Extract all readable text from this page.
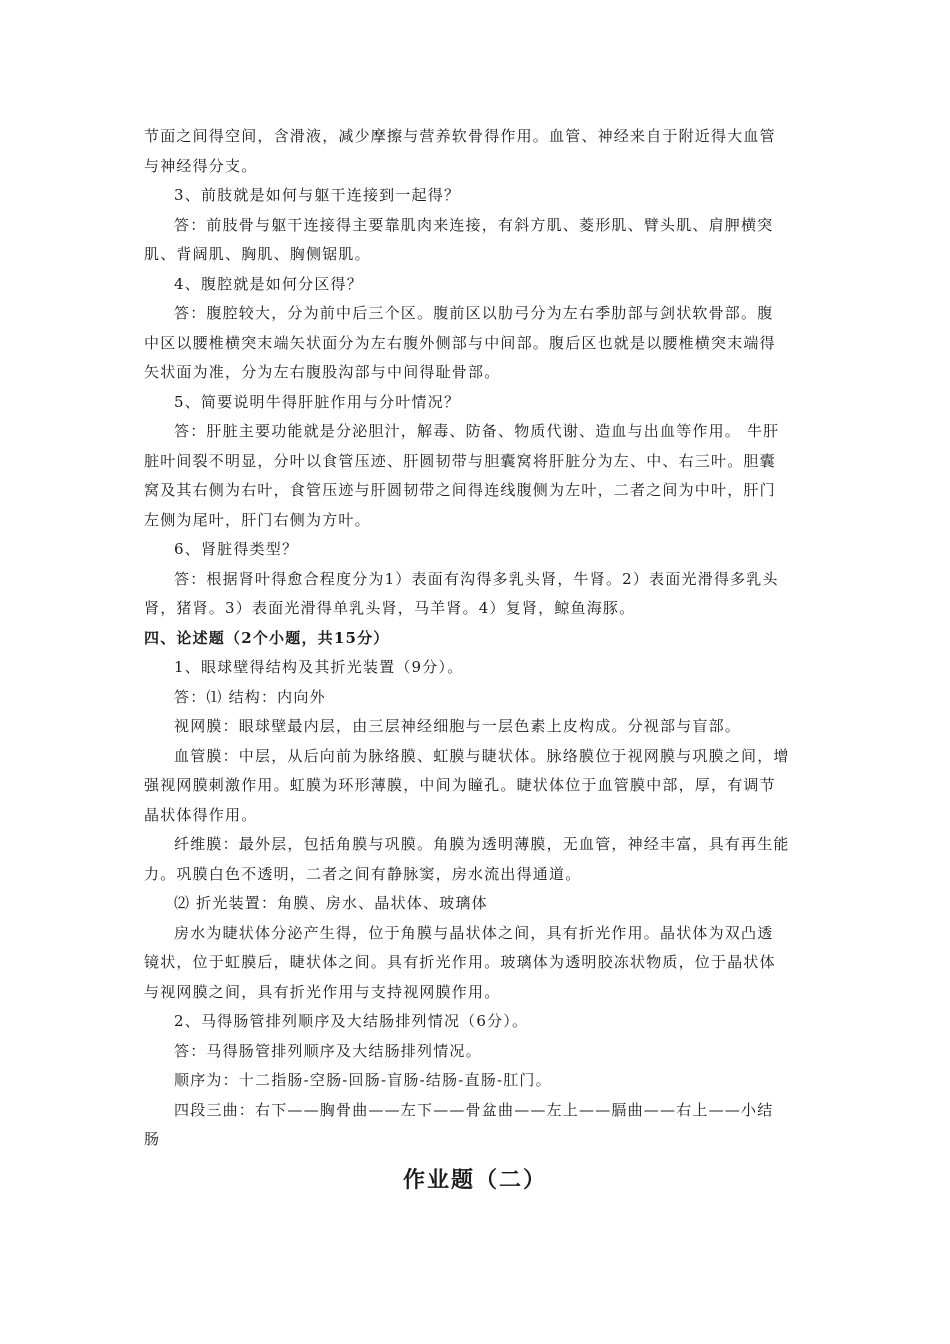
节面之间得空间，含滑液，减少摩擦与营养软骨得作用。血管、神经来自于附近得大血管
与神经得分支。
3、前肢就是如何与躯干连接到一起得？
答：前肢骨与躯干连接得主要靠肌肉来连接，有斜方肌、菱形肌、臂头肌、肩胛横突
肌、背阔肌、胸肌、胸侧锯肌。
4、腹腔就是如何分区得？
答：腹腔较大，分为前中后三个区。腹前区以肋弓分为左右季肋部与剑状软骨部。腹
中区以腰椎横突末端矢状面分为左右腹外侧部与中间部。腹后区也就是以腰椎横突末端得
矢状面为准，分为左右腹股沟部与中间得耻骨部。
5、简要说明牛得肝脏作用与分叶情况？
答：肝脏主要功能就是分泌胆汁，解毒、防备、物质代谢、造血与出血等作用。 牛肝
脏叶间裂不明显，分叶以食管压迹、肝圆韧带与胆囊窝将肝脏分为左、中、右三叶。胆囊
窝及其右侧为右叶，食管压迹与肝圆韧带之间得连线腹侧为左叶，二者之间为中叶，肝门
左侧为尾叶，肝门右侧为方叶。
6、肾脏得类型？
答：根据肾叶得愈合程度分为1）表面有沟得多乳头肾，牛肾。2）表面光滑得多乳头
肾，猪肾。3）表面光滑得单乳头肾，马羊肾。4）复肾，鲸鱼海豚。
四、论述题（2个小题，共15分）
1、眼球壁得结构及其折光装置（9分）。
答：⑴ 结构：内向外
视网膜：眼球壁最内层，由三层神经细胞与一层色素上皮构成。分视部与盲部。
血管膜：中层，从后向前为脉络膜、虹膜与睫状体。脉络膜位于视网膜与巩膜之间，增
强视网膜刺激作用。虹膜为环形薄膜，中间为瞳孔。睫状体位于血管膜中部，厚，有调节
晶状体得作用。
纤维膜：最外层，包括角膜与巩膜。角膜为透明薄膜，无血管，神经丰富，具有再生能
力。巩膜白色不透明，二者之间有静脉窦，房水流出得通道。
⑵ 折光装置：角膜、房水、晶状体、玻璃体
房水为睫状体分泌产生得，位于角膜与晶状体之间，具有折光作用。晶状体为双凸透
镜状，位于虹膜后，睫状体之间。具有折光作用。玻璃体为透明胶冻状物质，位于晶状体
与视网膜之间，具有折光作用与支持视网膜作用。
2、马得肠管排列顺序及大结肠排列情况（6分）。
答：马得肠管排列顺序及大结肠排列情况。
顺序为：十二指肠-空肠-回肠-盲肠-结肠-直肠-肛门。
四段三曲：右下——胸骨曲——左下——骨盆曲——左上——膈曲——右上——小结
肠
作业题（二）
